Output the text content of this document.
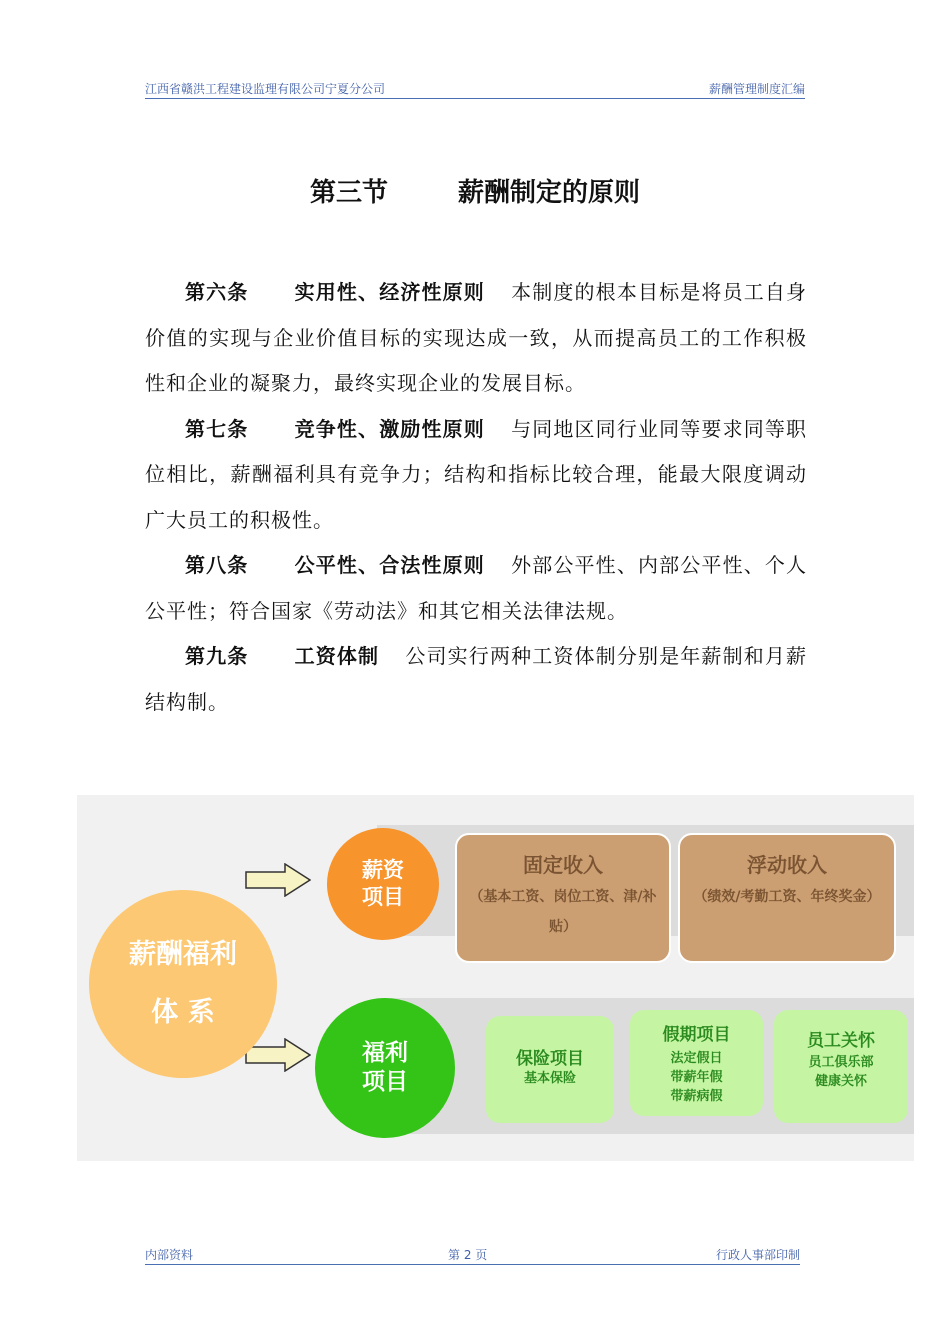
江西省赣洪工程建设监理有限公司宁夏分公司	薪酬管理制度汇编
第三节	薪酬制定的原则

第六条 实用性、经济性原则 本制度的根本目标是将员工自身价值的实现与企业价值目标的实现达成一致，从而提高员工的工作积极性和企业的凝聚力，最终实现企业的发展目标。

第七条 竞争性、激励性原则 与同地区同行业同等要求同等职位相比，薪酬福利具有竞争力；结构和指标比较合理，能最大限度调动广大员工的积极性。

第八条 公平性、合法性原则 外部公平性、内部公平性、个人公平性；符合国家《劳动法》和其它相关法律法规。

第九条 工资体制 公司实行两种工资体制分别是年薪制和月薪结构制。

薪酬福利
体 系
薪资
项目
固定收入
（基本工资、岗位工资、津/补贴）
浮动收入
（绩效/考勤工资、年终奖金）
福利
项目
保险项目
基本保险
假期项目
法定假日
带薪年假
带薪病假
员工关怀
员工俱乐部
健康关怀
内部资料	第 2 页	行政人事部印制
